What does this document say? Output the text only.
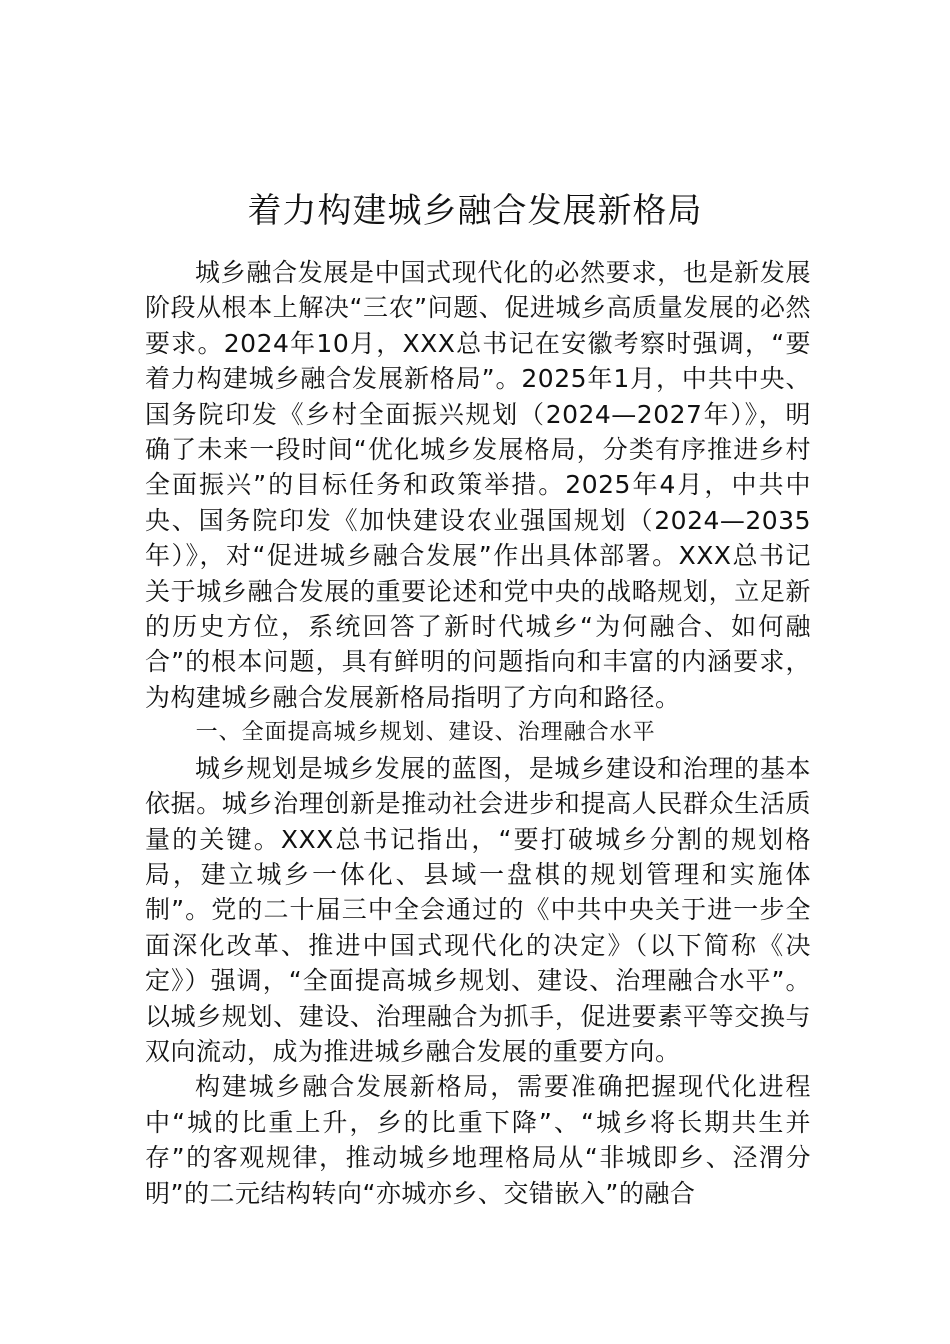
着力构建城乡融合发展新格局

城乡融合发展是中国式现代化的必然要求，也是新发展阶段从根本上解决“三农”问题、促进城乡高质量发展的必然要求。2024年10月，XXX总书记在安徽考察时强调，“要着力构建城乡融合发展新格局”。2025年1月，中共中央、国务院印发《乡村全面振兴规划（2024—2027年）》，明确了未来一段时间“优化城乡发展格局，分类有序推进乡村全面振兴”的目标任务和政策举措。2025年4月，中共中央、国务院印发《加快建设农业强国规划（2024—2035年）》，对“促进城乡融合发展”作出具体部署。XXX总书记关于城乡融合发展的重要论述和党中央的战略规划，立足新的历史方位，系统回答了新时代城乡“为何融合、如何融合”的根本问题，具有鲜明的问题指向和丰富的内涵要求，为构建城乡融合发展新格局指明了方向和路径。

一、全面提高城乡规划、建设、治理融合水平

城乡规划是城乡发展的蓝图，是城乡建设和治理的基本依据。城乡治理创新是推动社会进步和提高人民群众生活质量的关键。XXX总书记指出，“要打破城乡分割的规划格局，建立城乡一体化、县域一盘棋的规划管理和实施体制”。党的二十届三中全会通过的《中共中央关于进一步全面深化改革、推进中国式现代化的决定》（以下简称《决定》）强调，“全面提高城乡规划、建设、治理融合水平”。以城乡规划、建设、治理融合为抓手，促进要素平等交换与双向流动，成为推进城乡融合发展的重要方向。

构建城乡融合发展新格局，需要准确把握现代化进程中“城的比重上升，乡的比重下降”、“城乡将长期共生并存”的客观规律，推动城乡地理格局从“非城即乡、泾渭分明”的二元结构转向“亦城亦乡、交错嵌入”的融合
